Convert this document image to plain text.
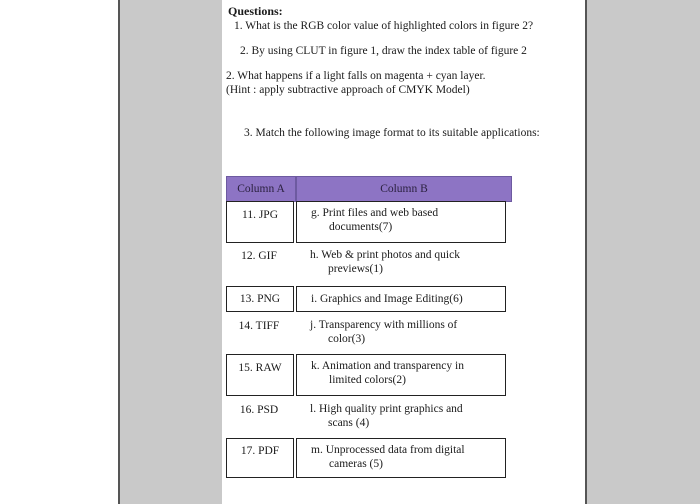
Questions:
1. What is the RGB color value of highlighted colors in figure 2?
2. By using CLUT in figure 1, draw the index table of figure 2
2. What happens if a light falls on magenta + cyan layer.
(Hint : apply subtractive approach of CMYK Model)
3. Match the following image format to its suitable applications:
Column A	Column B
11. JPG	g. Print files and web based
documents(7)
12. GIF	h. Web & print photos and quick
previews(1)
13. PNG	i. Graphics and Image Editing(6)
14. TIFF	j. Transparency with millions of
color(3)
15. RAW	k. Animation and transparency in
limited colors(2)
16. PSD	l. High quality print graphics and
scans (4)
17. PDF	m. Unprocessed data from digital
cameras (5)
